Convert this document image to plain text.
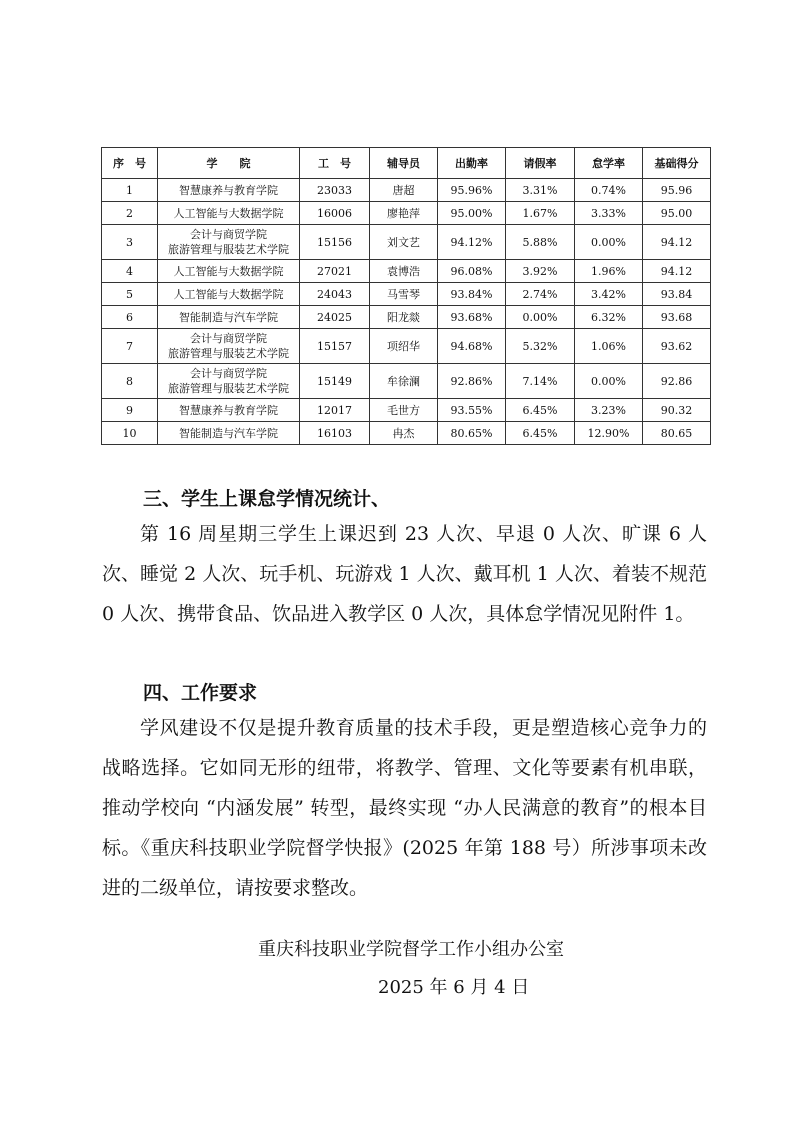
序　号	学　　院	工　号	辅导员	出勤率	请假率	怠学率	基础得分
1	智慧康养与教育学院	23033	唐超	95.96%	3.31%	0.74%	95.96
2	人工智能与大数据学院	16006	廖艳萍	95.00%	1.67%	3.33%	95.00
3	会计与商贸学院
旅游管理与服装艺术学院	15156	刘文艺	94.12%	5.88%	0.00%	94.12
4	人工智能与大数据学院	27021	袁博浩	96.08%	3.92%	1.96%	94.12
5	人工智能与大数据学院	24043	马雪琴	93.84%	2.74%	3.42%	93.84
6	智能制造与汽车学院	24025	阳龙燚	93.68%	0.00%	6.32%	93.68
7	会计与商贸学院
旅游管理与服装艺术学院	15157	项绍华	94.68%	5.32%	1.06%	93.62
8	会计与商贸学院
旅游管理与服装艺术学院	15149	牟徐澜	92.86%	7.14%	0.00%	92.86
9	智慧康养与教育学院	12017	毛世方	93.55%	6.45%	3.23%	90.32
10	智能制造与汽车学院	16103	冉杰	80.65%	6.45%	12.90%	80.65
三、学生上课怠学情况统计、
第 16 周星期三学生上课迟到 23 人次、早退 0 人次、旷课 6 人次、睡觉 2 人次、玩手机、玩游戏 1 人次、戴耳机 1 人次、着装不规范 0 人次、携带食品、饮品进入教学区 0 人次，具体怠学情况见附件 1。
四、工作要求
学风建设不仅是提升教育质量的技术手段，更是塑造核心竞争力的战略选择。它如同无形的纽带，将教学、管理、文化等要素有机串联，推动学校向 “内涵发展” 转型，最终实现 “办人民满意的教育”的根本目标。《重庆科技职业学院督学快报》(2025 年第 188 号）所涉事项未改进的二级单位，请按要求整改。
重庆科技职业学院督学工作小组办公室
2025 年 6 月 4 日
